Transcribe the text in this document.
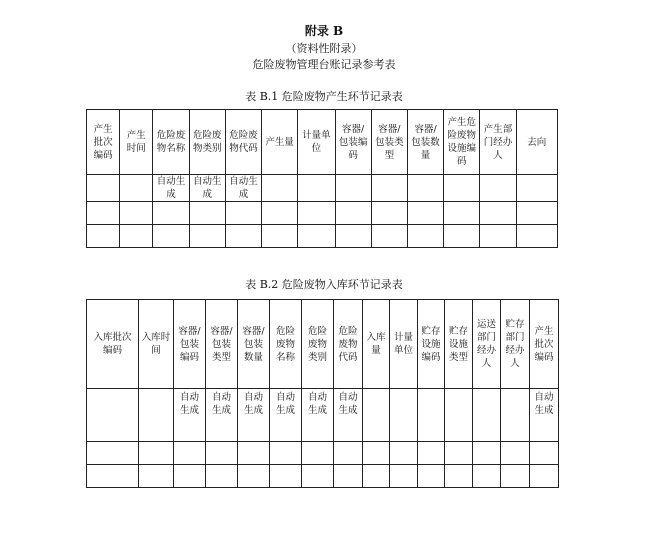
附录 B
（资料性附录）
危险废物管理台账记录参考表
表 B.1 危险废物产生环节记录表
产生批次编码	产生时间	危险废物名称	危险废物类别	危险废物代码	产生量	计量单位	容器/包装编码	容器/包装类型	容器/包装数量	产生危险废物设施编码	产生部门经办人	去向
		自动生成	自动生成	自动生成								

表 B.2 危险废物入库环节记录表
入库批次编码	入库时间	容器/包装编码	容器/包装类型	容器/包装数量	危险废物名称	危险废物类别	危险废物代码	入库量	计量单位	贮存设施编码	贮存设施类型	运送部门经办人	贮存部门经办人	产生批次编码
		自动生成	自动生成	自动生成	自动生成	自动生成	自动生成							自动生成
